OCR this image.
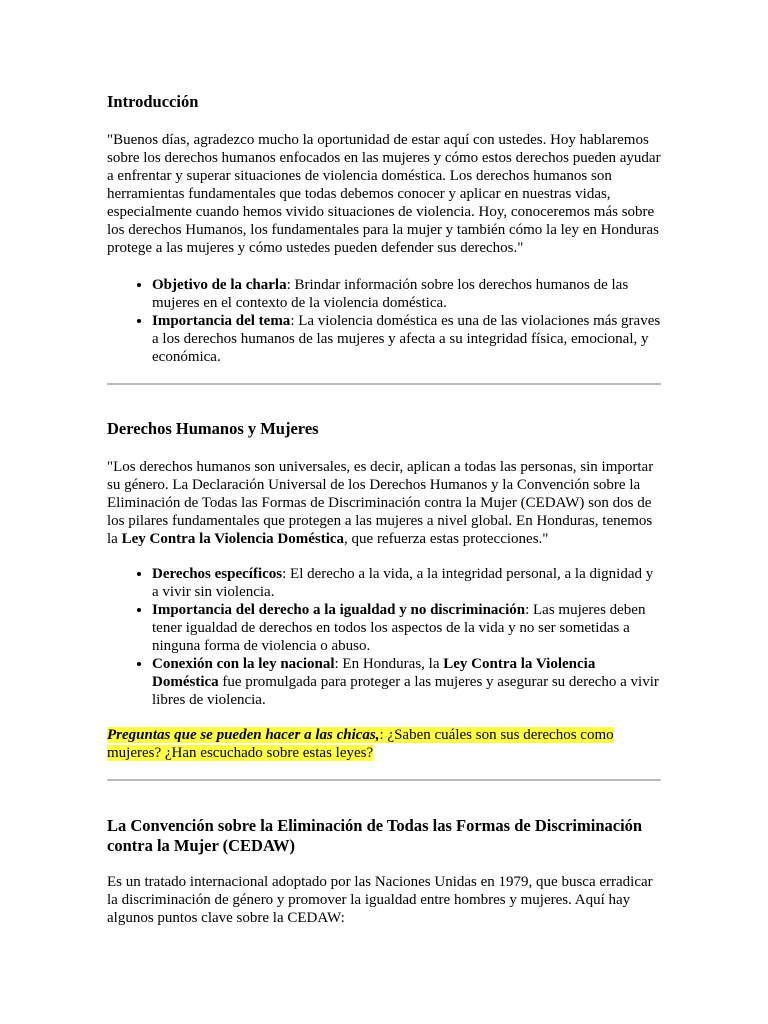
Introducción

"Buenos días, agradezco mucho la oportunidad de estar aquí con ustedes. Hoy hablaremos sobre los derechos humanos enfocados en las mujeres y cómo estos derechos pueden ayudar a enfrentar y superar situaciones de violencia doméstica. Los derechos humanos son herramientas fundamentales que todas debemos conocer y aplicar en nuestras vidas, especialmente cuando hemos vivido situaciones de violencia. Hoy, conoceremos más sobre los derechos Humanos, los fundamentales para la mujer y también cómo la ley en Honduras protege a las mujeres y cómo ustedes pueden defender sus derechos."

• Objetivo de la charla: Brindar información sobre los derechos humanos de las mujeres en el contexto de la violencia doméstica.
• Importancia del tema: La violencia doméstica es una de las violaciones más graves a los derechos humanos de las mujeres y afecta a su integridad física, emocional, y económica.
Derechos Humanos y Mujeres

"Los derechos humanos son universales, es decir, aplican a todas las personas, sin importar su género. La Declaración Universal de los Derechos Humanos y la Convención sobre la Eliminación de Todas las Formas de Discriminación contra la Mujer (CEDAW) son dos de los pilares fundamentales que protegen a las mujeres a nivel global. En Honduras, tenemos la Ley Contra la Violencia Doméstica, que refuerza estas protecciones."

• Derechos específicos: El derecho a la vida, a la integridad personal, a la dignidad y a vivir sin violencia.
• Importancia del derecho a la igualdad y no discriminación: Las mujeres deben tener igualdad de derechos en todos los aspectos de la vida y no ser sometidas a ninguna forma de violencia o abuso.
• Conexión con la ley nacional: En Honduras, la Ley Contra la Violencia Doméstica fue promulgada para proteger a las mujeres y asegurar su derecho a vivir libres de violencia.

Preguntas que se pueden hacer a las chicas,: ¿Saben cuáles son sus derechos como mujeres? ¿Han escuchado sobre estas leyes?

La Convención sobre la Eliminación de Todas las Formas de Discriminación contra la Mujer (CEDAW)

Es un tratado internacional adoptado por las Naciones Unidas en 1979, que busca erradicar la discriminación de género y promover la igualdad entre hombres y mujeres. Aquí hay algunos puntos clave sobre la CEDAW:
